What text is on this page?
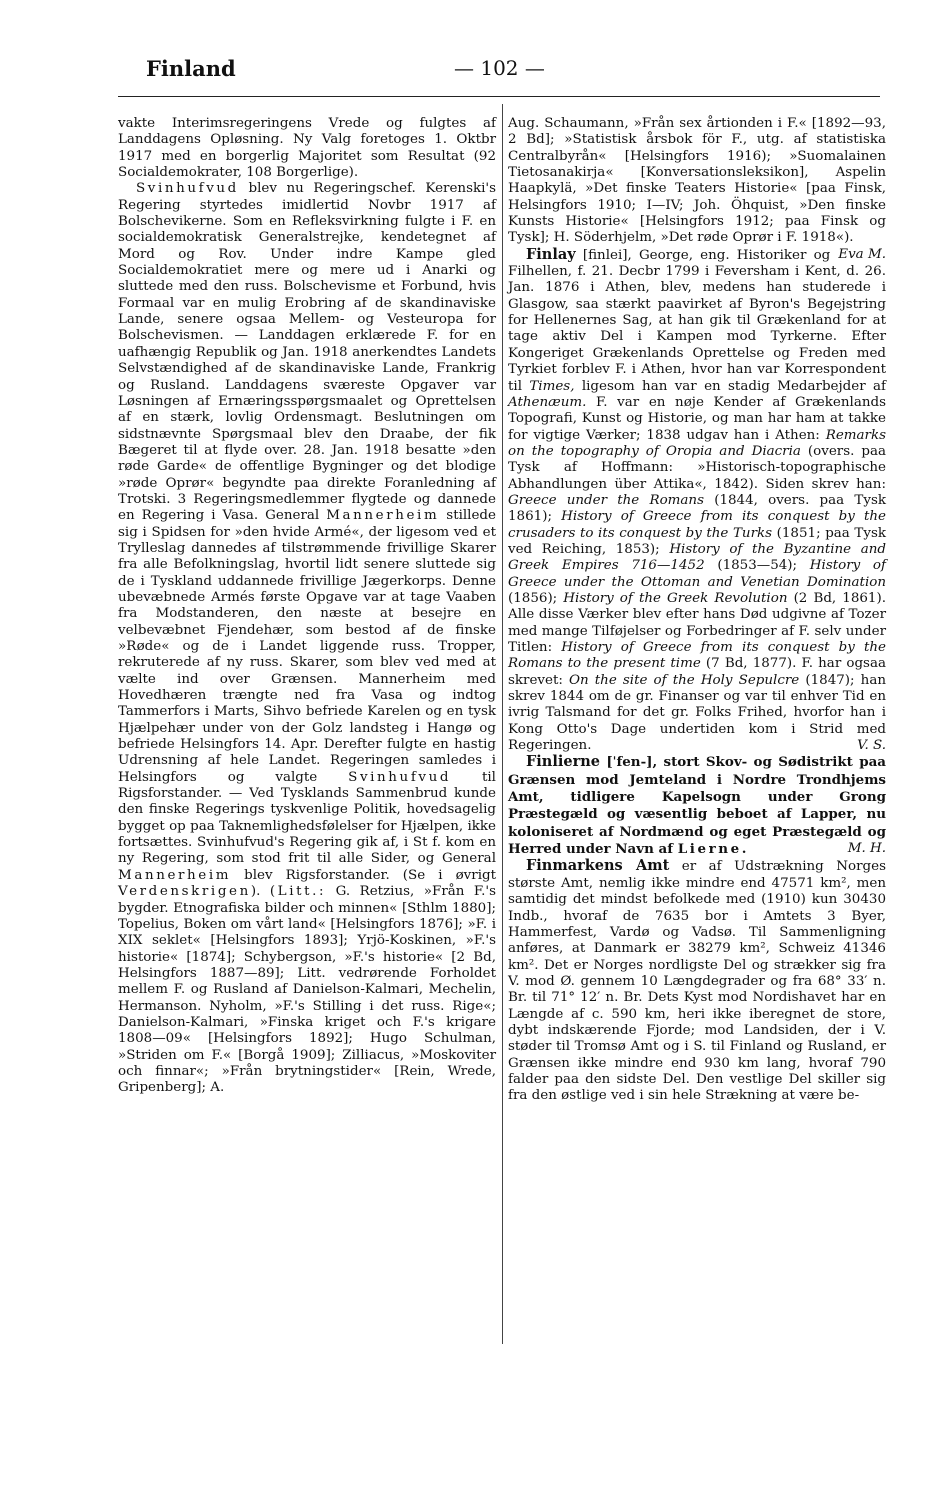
Finland	— 102 —

vakte Interimsregeringens Vrede og fulgtes af Landdagens Opløsning. Ny Valg foretoges 1. Oktbr 1917 med en borgerlig Majoritet som Resultat (92 Socialdemokrater, 108 Borgerlige).

Svinhufvud blev nu Regeringschef. Kerenski's Regering styrtedes imidlertid Novbr 1917 af Bolschevikerne. Som en Refleksvirkning fulgte i F. en socialdemokratisk Generalstrejke, kendetegnet af Mord og Rov. Under indre Kampe gled Socialdemokratiet mere og mere ud i Anarki og sluttede med den russ. Bolschevisme et Forbund, hvis Formaal var en mulig Erobring af de skandinaviske Lande, senere ogsaa Mellem- og Vesteuropa for Bolschevismen. — Landdagen erklærede F. for en uafhængig Republik og Jan. 1918 anerkendtes Landets Selvstændighed af de skandinaviske Lande, Frankrig og Rusland. Landdagens sværeste Opgaver var Løsningen af Ernæringsspørgsmaalet og Oprettelsen af en stærk, lovlig Ordensmagt. Beslutningen om sidstnævnte Spørgsmaal blev den Draabe, der fik Bægeret til at flyde over. 28. Jan. 1918 besatte »den røde Garde« de offentlige Bygninger og det blodige »røde Oprør« begyndte paa direkte Foranledning af Trotski. 3 Regeringsmedlemmer flygtede og dannede en Regering i Vasa. General Mannerheim stillede sig i Spidsen for »den hvide Armé«, der ligesom ved et Trylleslag dannedes af tilstrømmende frivillige Skarer fra alle Befolkningslag, hvortil lidt senere sluttede sig de i Tyskland uddannede frivillige Jægerkorps. Denne ubevæbnede Armés første Opgave var at tage Vaaben fra Modstanderen, den næste at besejre en velbevæbnet Fjendehær, som bestod af de finske »Røde« og de i Landet liggende russ. Tropper, rekruterede af ny russ. Skarer, som blev ved med at vælte ind over Grænsen. Mannerheim med Hovedhæren trængte ned fra Vasa og indtog Tammerfors i Marts, Sihvo befriede Karelen og en tysk Hjælpehær under von der Golz landsteg i Hangø og befriede Helsingfors 14. Apr. Derefter fulgte en hastig Udrensning af hele Landet. Regeringen samledes i Helsingfors og valgte Svinhufvud til Rigsforstander. — Ved Tysklands Sammenbrud kunde den finske Regerings tyskvenlige Politik, hovedsagelig bygget op paa Taknemlighedsfølelser for Hjælpen, ikke fortsættes. Svinhufvud's Regering gik af, i St f. kom en ny Regering, som stod frit til alle Sider, og General Mannerheim blev Rigsforstander. (Se i øvrigt Verdenskrigen). (Litt.: G. Retzius, »Från F.'s bygder. Etnografiska bilder och minnen« [Sthlm 1880]; Topelius, Boken om vårt land« [Helsingfors 1876]; »F. i XIX seklet« [Helsingfors 1893]; Yrjö-Koskinen, »F.'s historie« [1874]; Schybergson, »F.'s historie« [2 Bd, Helsingfors 1887—89]; Litt. vedrørende Forholdet mellem F. og Rusland af Danielson-Kalmari, Mechelin, Hermanson. Nyholm, »F.'s Stilling i det russ. Rige«; Danielson-Kalmari, »Finska kriget och F.'s krigare 1808—09« [Helsingfors 1892]; Hugo Schulman, »Striden om F.« [Borgå 1909]; Zilliacus, »Moskoviter och finnar«; »Från brytningstider« [Rein, Wrede, Gripenberg]; A.

Aug. Schaumann, »Från sex årtionden i F.« [1892—93, 2 Bd]; »Statistisk årsbok för F., utg. af statistiska Centralbyrån« [Helsingfors 1916); »Suomalainen Tietosanakirja« [Konversationsleksikon], Aspelin Haapkylä, »Det finske Teaters Historie« [paa Finsk, Helsingfors 1910; I—IV; Joh. Öhquist, »Den finske Kunsts Historie« [Helsingfors 1912; paa Finsk og Tysk]; H. Söderhjelm, »Det røde Oprør i F. 1918«).
Eva M.

Finlay [finlei], George, eng. Historiker og Filhellen, f. 21. Decbr 1799 i Feversham i Kent, d. 26. Jan. 1876 i Athen, blev, medens han studerede i Glasgow, saa stærkt paavirket af Byron's Begejstring for Hellenernes Sag, at han gik til Grækenland for at tage aktiv Del i Kampen mod Tyrkerne. Efter Kongeriget Grækenlands Oprettelse og Freden med Tyrkiet forblev F. i Athen, hvor han var Korrespondent til Times, ligesom han var en stadig Medarbejder af Athenæum. F. var en nøje Kender af Grækenlands Topografi, Kunst og Historie, og man har ham at takke for vigtige Værker; 1838 udgav han i Athen: Remarks on the topography of Oropia and Diacria (overs. paa Tysk af Hoffmann: »Historisch-topographische Abhandlungen über Attika«, 1842). Siden skrev han: Greece under the Romans (1844, overs. paa Tysk 1861); History of Greece from its conquest by the crusaders to its conquest by the Turks (1851; paa Tysk ved Reiching, 1853); History of the Byzantine and Greek Empires 716—1452 (1853—54); History of Greece under the Ottoman and Venetian Domination (1856); History of the Greek Revolution (2 Bd, 1861). Alle disse Værker blev efter hans Død udgivne af Tozer med mange Tilføjelser og Forbedringer af F. selv under Titlen: History of Greece from its conquest by the Romans to the present time (7 Bd, 1877). F. har ogsaa skrevet: On the site of the Holy Sepulcre (1847); han skrev 1844 om de gr. Finanser og var til enhver Tid en ivrig Talsmand for det gr. Folks Frihed, hvorfor han i Kong Otto's Dage undertiden kom i Strid med Regeringen.	V. S.

Finlierne [ˈfen-], stort Skov- og Sødistrikt paa Grænsen mod Jemteland i Nordre Trondhjems Amt, tidligere Kapelsogn under Grong Præstegæld og væsentlig beboet af Lapper, nu koloniseret af Nordmænd og eget Præstegæld og Herred under Navn af Lierne.	M. H.

Finmarkens Amt er af Udstrækning Norges største Amt, nemlig ikke mindre end 47571 km², men samtidig det mindst befolkede med (1910) kun 30430 Indb., hvoraf de 7635 bor i Amtets 3 Byer, Hammerfest, Vardø og Vadsø. Til Sammenligning anføres, at Danmark er 38279 km², Schweiz 41346 km². Det er Norges nordligste Del og strækker sig fra V. mod Ø. gennem 10 Længdegrader og fra 68° 33′ n. Br. til 71° 12′ n. Br. Dets Kyst mod Nordishavet har en Længde af c. 590 km, heri ikke iberegnet de store, dybt indskærende Fjorde; mod Landsiden, der i V. støder til Tromsø Amt og i S. til Finland og Rusland, er Grænsen ikke mindre end 930 km lang, hvoraf 790 falder paa den sidste Del. Den vestlige Del skiller sig fra den østlige ved i sin hele Strækning at være be-
